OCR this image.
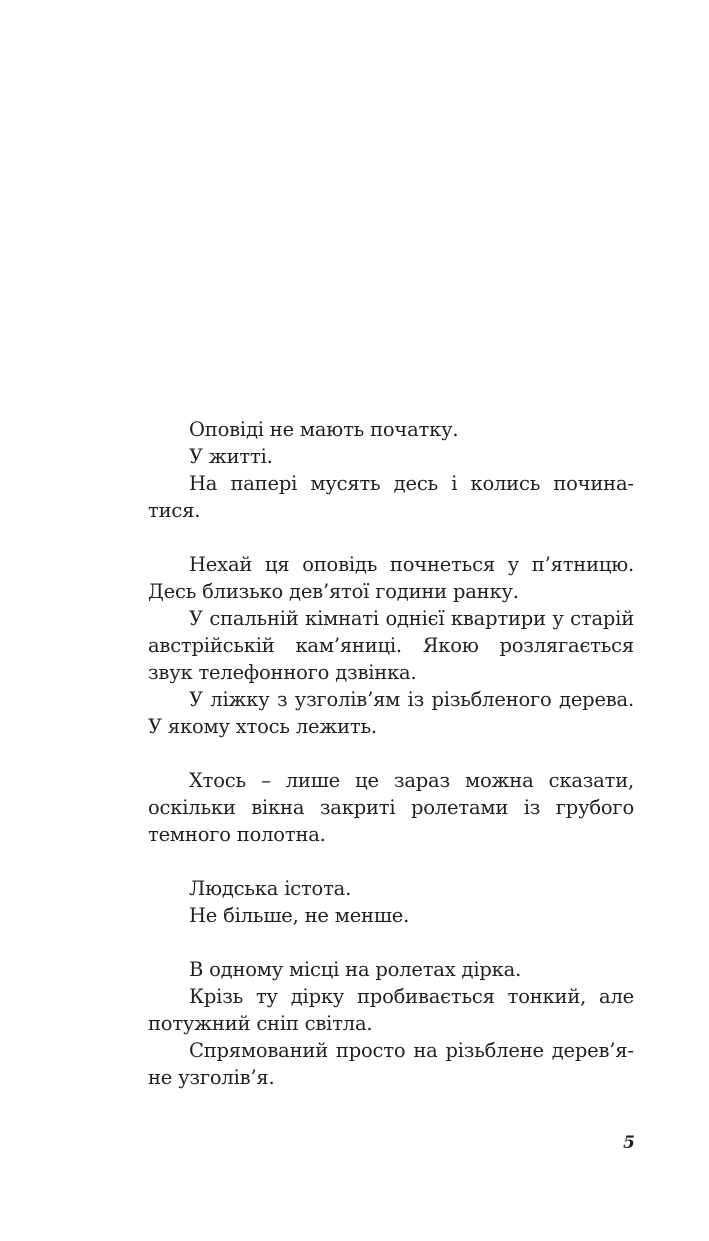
Оповіді не мають початку.

У житті.

На папері мусять десь і колись починатися.

Нехай ця оповідь почнеться у п’ятницю. Десь близько дев’ятої години ранку.

У спальній кімнаті однієї квартири у старій австрійській кам’яниці. Якою розлягається звук телефонного дзвінка.

У ліжку з узголів’ям із різьбленого дерева. У якому хтось лежить.

Хтось – лише це зараз можна сказати, оскільки вікна закриті ролетами із грубого темного полотна.

Людська істота.

Не більше, не менше.

В одному місці на ролетах дірка.

Крізь ту дірку пробивається тонкий, але потужний сніп світла.

Спрямований просто на різьблене дерев’яне узголів’я.

5
